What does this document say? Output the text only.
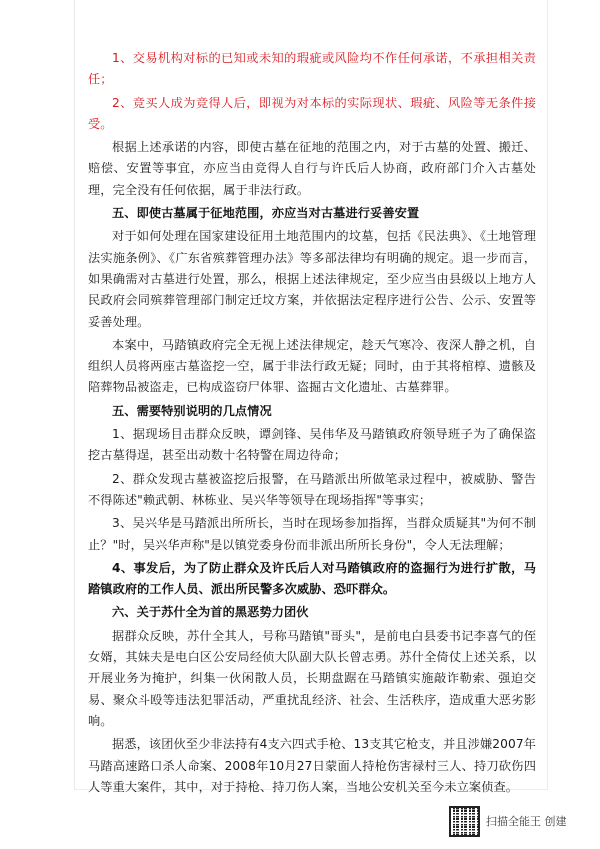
1、交易机构对标的已知或未知的瑕疵或风险均不作任何承诺，不承担相关责任；

2、竞买人成为竞得人后，即视为对本标的实际现状、瑕疵、风险等无条件接受。

根据上述承诺的内容，即使古墓在征地的范围之内，对于古墓的处置、搬迁、赔偿、安置等事宜，亦应当由竞得人自行与许氏后人协商，政府部门介入古墓处理，完全没有任何依据，属于非法行政。

五、即使古墓属于征地范围，亦应当对古墓进行妥善安置

对于如何处理在国家建设征用土地范围内的坟墓，包括《民法典》、《土地管理法实施条例》、《广东省殡葬管理办法》等多部法律均有明确的规定。退一步而言，如果确需对古墓进行处置，那么，根据上述法律规定，至少应当由县级以上地方人民政府会同殡葬管理部门制定迁坟方案，并依据法定程序进行公告、公示、安置等妥善处理。

本案中，马踏镇政府完全无视上述法律规定，趁天气寒冷、夜深人静之机，自组织人员将两座古墓盗挖一空，属于非法行政无疑；同时，由于其将棺椁、遗骸及陪葬物品被盗走，已构成盗窃尸体罪、盗掘古文化遗址、古墓葬罪。

五、需要特别说明的几点情况

1、据现场目击群众反映，谭剑锋、吴伟华及马踏镇政府领导班子为了确保盗挖古墓得逞，甚至出动数十名特警在周边待命；

2、群众发现古墓被盗挖后报警，在马踏派出所做笔录过程中，被威胁、警告不得陈述"赖武朝、林栋业、吴兴华等领导在现场指挥"等事实；

3、吴兴华是马踏派出所所长，当时在现场参加指挥，当群众质疑其"为何不制止？"时，吴兴华声称"是以镇党委身份而非派出所所长身份"，令人无法理解；

4、事发后，为了防止群众及许氏后人对马踏镇政府的盗掘行为进行扩散，马踏镇政府的工作人员、派出所民警多次威胁、恐吓群众。

六、关于苏什全为首的黑恶势力团伙

据群众反映，苏什全其人，号称马踏镇"哥头"，是前电白县委书记李喜气的侄女婿，其妹夫是电白区公安局经侦大队副大队长曾志勇。苏什全倚仗上述关系，以开展业务为掩护，纠集一伙闲散人员，长期盘踞在马踏镇实施敲诈勒索、强迫交易、聚众斗殴等违法犯罪活动，严重扰乱经济、社会、生活秩序，造成重大恶劣影响。

据悉，该团伙至少非法持有4支六四式手枪、13支其它枪支，并且涉嫌2007年马踏高速路口杀人命案、2008年10月27日蒙面人持枪伤害禄村三人、持刀砍伤四人等重大案件，其中，对于持枪、持刀伤人案，当地公安机关至今未立案侦查。

扫描全能王 创建
